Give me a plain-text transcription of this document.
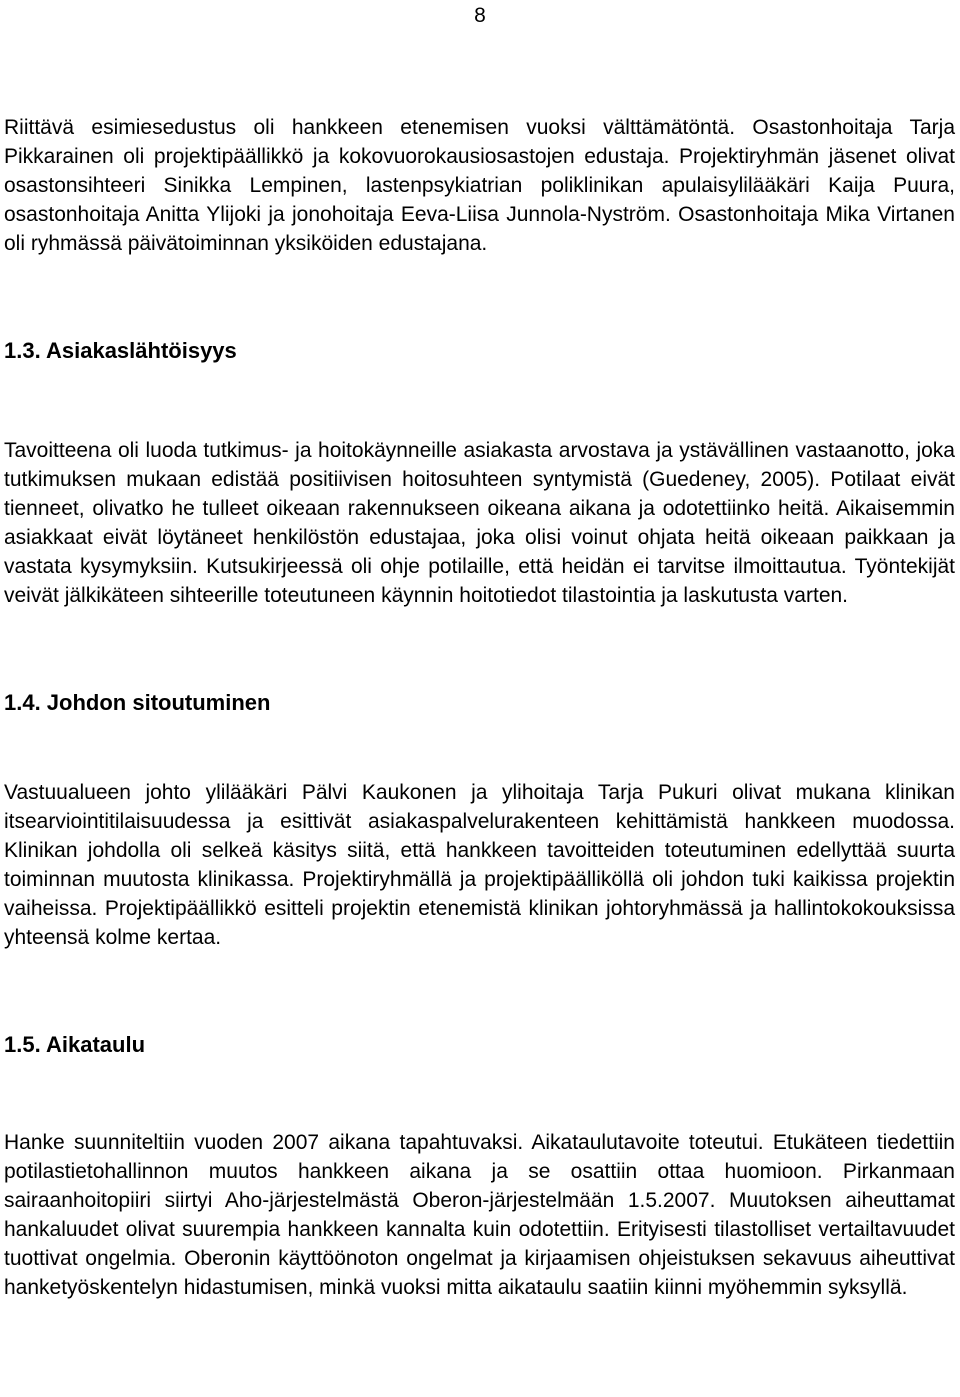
8

Riittävä esimiesedustus oli hankkeen etenemisen vuoksi välttämätöntä. Osastonhoitaja Tarja Pikkarainen oli projektipäällikkö ja kokovuorokausiosastojen edustaja. Projektiryhmän jäsenet olivat osastonsihteeri Sinikka Lempinen, lastenpsykiatrian poliklinikan apulaisylilääkäri Kaija Puura, osastonhoitaja Anitta Ylijoki ja jonohoitaja Eeva-Liisa Junnola-Nyström. Osastonhoitaja Mika Virtanen oli ryhmässä päivätoiminnan yksiköiden edustajana.

1.3. Asiakaslähtöisyys

Tavoitteena oli luoda tutkimus- ja hoitokäynneille asiakasta arvostava ja ystävällinen vastaanotto, joka tutkimuksen mukaan edistää positiivisen hoitosuhteen syntymistä (Guedeney, 2005). Potilaat eivät tienneet, olivatko he tulleet oikeaan rakennukseen oikeana aikana ja odotettiinko heitä. Aikaisemmin asiakkaat eivät löytäneet henkilöstön edustajaa, joka olisi voinut ohjata heitä oikeaan paikkaan ja vastata kysymyksiin. Kutsukirjeessä oli ohje potilaille, että heidän ei tarvitse ilmoittautua. Työntekijät veivät jälkikäteen sihteerille toteutuneen käynnin hoitotiedot tilastointia ja laskutusta varten.

1.4. Johdon sitoutuminen

Vastuualueen johto ylilääkäri Pälvi Kaukonen ja ylihoitaja Tarja Pukuri olivat mukana klinikan itsearviointitilaisuudessa ja esittivät asiakaspalvelurakenteen kehittämistä hankkeen muodossa. Klinikan johdolla oli selkeä käsitys siitä, että hankkeen tavoitteiden toteutuminen edellyttää suurta toiminnan muutosta klinikassa. Projektiryhmällä ja projektipäälliköllä oli johdon tuki kaikissa projektin vaiheissa. Projektipäällikkö esitteli projektin etenemistä klinikan johtoryhmässä ja hallintokokouksissa yhteensä kolme kertaa.

1.5. Aikataulu

Hanke suunniteltiin vuoden 2007 aikana tapahtuvaksi. Aikataulutavoite toteutui. Etukäteen tiedettiin potilastietohallinnon muutos hankkeen aikana ja se osattiin ottaa huomioon. Pirkanmaan sairaanhoitopiiri siirtyi Aho-järjestelmästä Oberon-järjestelmään 1.5.2007. Muutoksen aiheuttamat hankaluudet olivat suurempia hankkeen kannalta kuin odotettiin. Erityisesti tilastolliset vertailtavuudet tuottivat ongelmia. Oberonin käyttöönoton ongelmat ja kirjaamisen ohjeistuksen sekavuus aiheuttivat hanketyöskentelyn hidastumisen, minkä vuoksi mitta aikataulu saatiin kiinni myöhemmin syksyllä.
